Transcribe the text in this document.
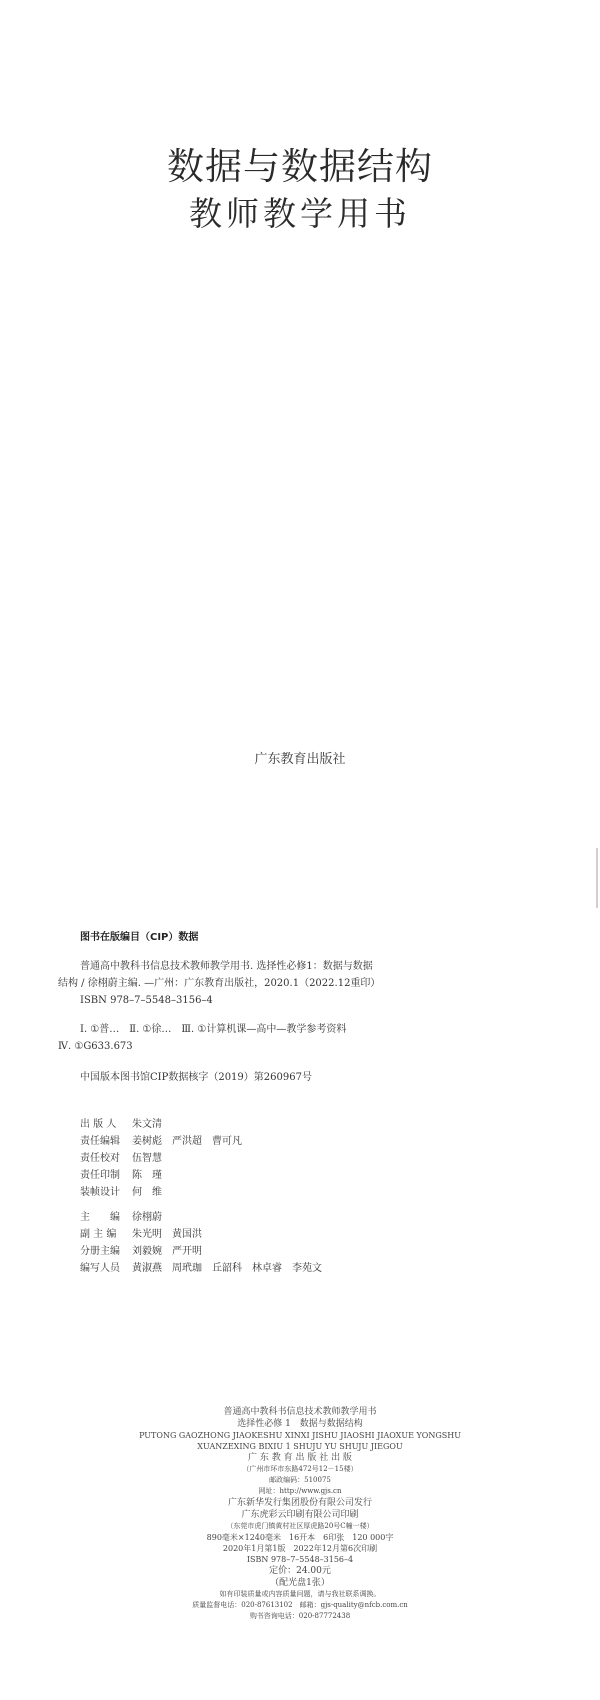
数据与数据结构
教师教学用书
广东教育出版社
图书在版编目（CIP）数据

普通高中教科书信息技术教师教学用书. 选择性必修1：数据与数据

结构 / 徐栩蔚主编. —广州：广东教育出版社，2020.1（2022.12重印）

ISBN 978–7–5548–3156–4

Ⅰ. ①普…　Ⅱ. ①徐…　Ⅲ. ①计算机课—高中—教学参考资料

Ⅳ. ①G633.673

中国版本图书馆CIP数据核字（2019）第260967号

出 版 人	朱文清
责任编辑	姜树彪　严洪超　曹可凡
责任校对	伍智慧
责任印制	陈　瑾
装帧设计	何　维
主　　编	徐栩蔚
副 主 编	朱光明　黄国洪
分册主编	刘毅婉　严开明
编写人员	黄淑燕　周玳珈　丘韶科　林卓睿　李苑文
普通高中教科书信息技术教师教学用书
选择性必修 1　数据与数据结构
PUTONG GAOZHONG JIAOKESHU XINXI JISHU JIAOSHI JIAOXUE YONGSHU
XUANZEXING BIXIU 1 SHUJU YU SHUJU JIEGOU
广 东 教 育 出 版 社 出 版
（广州市环市东路472号12－15楼）
邮政编码：510075
网址：http://www.gjs.cn
广东新华发行集团股份有限公司发行
广东虎彩云印刷有限公司印刷
（东莞市虎门镇黄村社区厚虎路20号C幢一楼）
890毫米×1240毫米　16开本　6印张　120 000字
2020年1月第1版　2022年12月第6次印刷
ISBN 978–7–5548–3156–4
定价：24.00元
（配光盘1张）
如有印装质量或内容质量问题，请与我社联系调换。
质量监督电话：020-87613102　邮箱：gjs-quality@nfcb.com.cn
购书咨询电话：020-87772438
